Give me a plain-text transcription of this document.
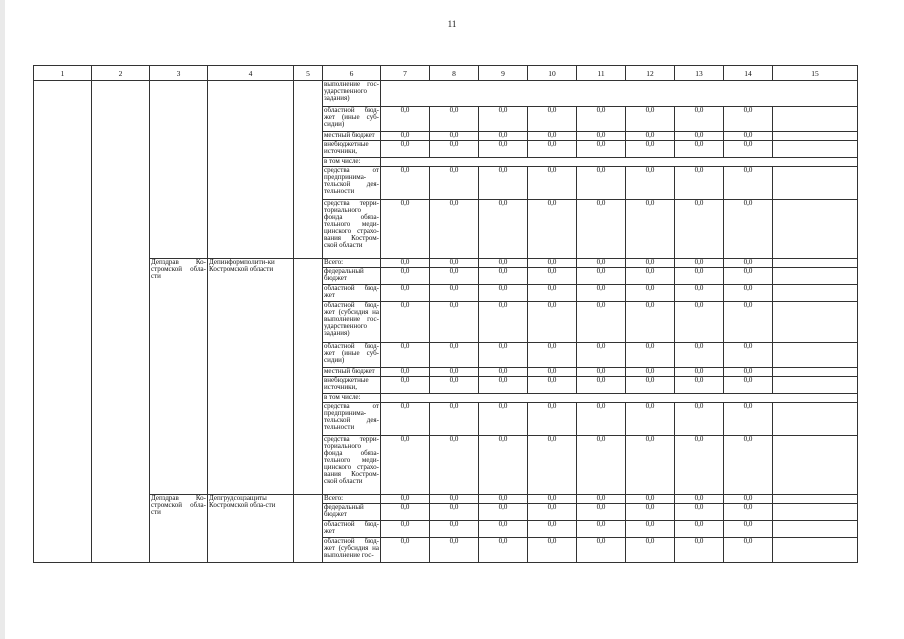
11
1	2	3	4	5	6	7	8	9	10	11	12	13	14	15
					выполнение гос-ударственного задания)									
					областной бюд-жет (иные суб-сидии)	0,0	0,0	0,0	0,0	0,0	0,0	0,0	0,0	
					местный бюджет	0,0	0,0	0,0	0,0	0,0	0,0	0,0	0,0	
					внебюджетные источники,	0,0	0,0	0,0	0,0	0,0	0,0	0,0	0,0	
					в том числе:									
					средства от предпринима-тельской дея-тельности	0,0	0,0	0,0	0,0	0,0	0,0	0,0	0,0	
					средства терри-ториального фонда обяза-тельного меди-цинского страхо-вания Костром-ской области	0,0	0,0	0,0	0,0	0,0	0,0	0,0	0,0	
		Депздрав Ко-стромской обла-сти	Депинформполити-ки Костромской области		Всего:	0,0	0,0	0,0	0,0	0,0	0,0	0,0	0,0	
					федеральный бюджет	0,0	0,0	0,0	0,0	0,0	0,0	0,0	0,0	
					областной бюд-жет	0,0	0,0	0,0	0,0	0,0	0,0	0,0	0,0	
					областной бюд-жет (субсидия на выполнение гос-ударственного задания)	0,0	0,0	0,0	0,0	0,0	0,0	0,0	0,0	
					областной бюд-жет (иные суб-сидии)	0,0	0,0	0,0	0,0	0,0	0,0	0,0	0,0	
					местный бюджет	0,0	0,0	0,0	0,0	0,0	0,0	0,0	0,0	
					внебюджетные источники,	0,0	0,0	0,0	0,0	0,0	0,0	0,0	0,0	
					в том числе:									
					средства от предпринима-тельской дея-тельности	0,0	0,0	0,0	0,0	0,0	0,0	0,0	0,0	
					средства терри-ториального фонда обяза-тельного меди-цинского страхо-вания Костром-ской области	0,0	0,0	0,0	0,0	0,0	0,0	0,0	0,0	
		Депздрав Ко-стромской обла-сти	Депгрудсоцзащиты Костромской обла-сти		Всего:	0,0	0,0	0,0	0,0	0,0	0,0	0,0	0,0	
					федеральный бюджет	0,0	0,0	0,0	0,0	0,0	0,0	0,0	0,0	
					областной бюд-жет	0,0	0,0	0,0	0,0	0,0	0,0	0,0	0,0	
					областной бюд-жет (субсидия на выполнение гос-	0,0	0,0	0,0	0,0	0,0	0,0	0,0	0,0	
